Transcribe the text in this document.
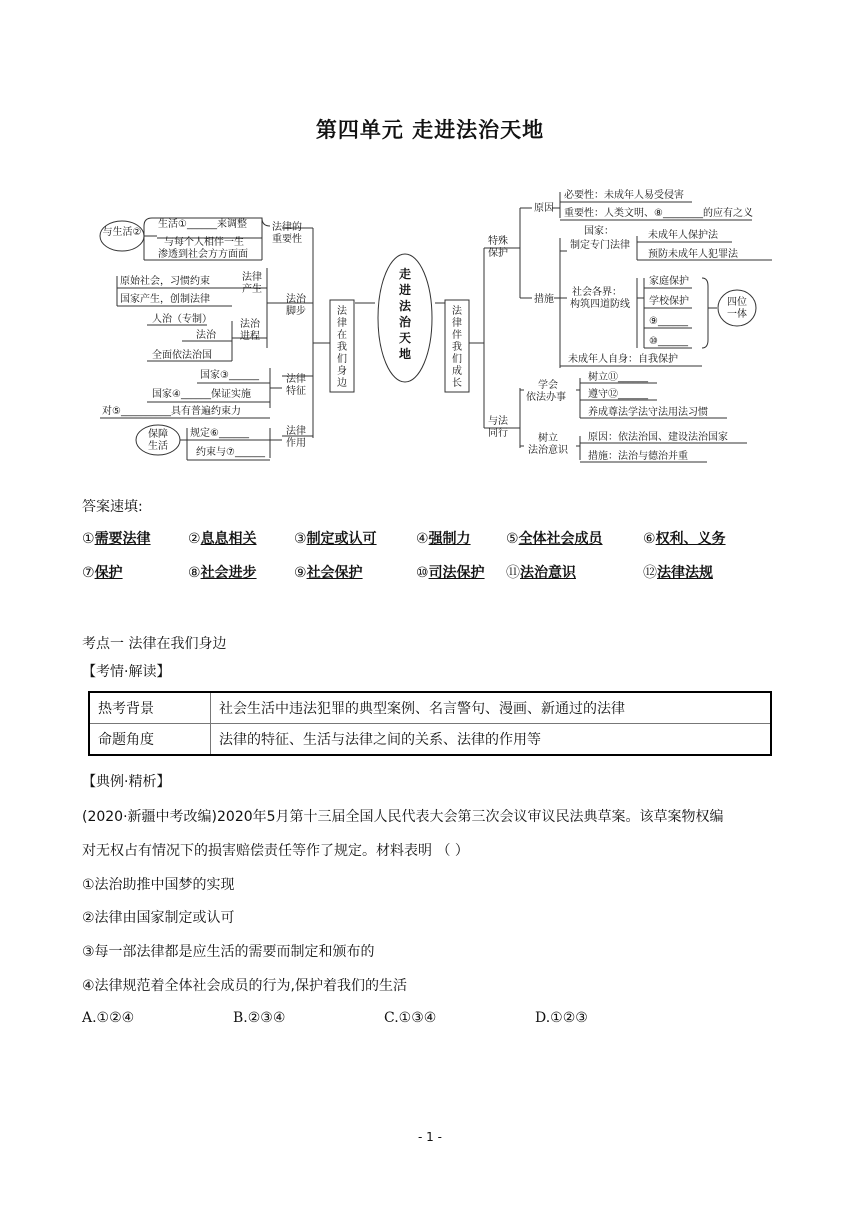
第四单元 走进法治天地
走进法治天地
法律在我们身边
法律伴我们成长
法律的
重要性
与生活②
生活①______来调整
与每个人相伴一生
渗透到社会方方面面
法治
脚步
法律
产生
原始社会，习惯约束
国家产生，创制法律
法治
进程
人治（专制）
法治
全面依法治国
法律
特征
国家③______
国家④______保证实施
对⑤__________具有普遍约束力
法律
作用
保障
生活
规定⑥______
约束与⑦______
特殊
保护
原因
必要性：未成年人易受侵害
重要性：人类文明、⑧________的应有之义
措施
国家：
制定专门法律
未成年人保护法
预防未成年人犯罪法
社会各界：
构筑四道防线
家庭保护
学校保护
⑨______
⑩______
四位
一体
未成年人自身：自我保护
与法
同行
学会
依法办事
树立⑪______
遵守⑫______
养成尊法学法守法用法习惯
树立
法治意识
原因：依法治国、建设法治国家
措施：法治与德治并重
答案速填:
①需要法律	②息息相关	③制定或认可	④强制力	⑤全体社会成员	⑥权利、义务
⑦保护	⑧社会进步	⑨社会保护	⑩司法保护 ⑪法治意识	⑫法律法规
考点一 法律在我们身边
【考情·解读】
热考背景	社会生活中违法犯罪的典型案例、名言警句、漫画、新通过的法律
命题角度	法律的特征、生活与法律之间的关系、法律的作用等
【典例·精析】
(2020·新疆中考改编)2020年5月第十三届全国人民代表大会第三次会议审议民法典草案。该草案物权编
对无权占有情况下的损害赔偿责任等作了规定。材料表明 （ ）
①法治助推中国梦的实现
②法律由国家制定或认可
③每一部法律都是应生活的需要而制定和颁布的
④法律规范着全体社会成员的行为,保护着我们的生活
A.①②④	B.②③④	C.①③④	D.①②③
- 1 -
